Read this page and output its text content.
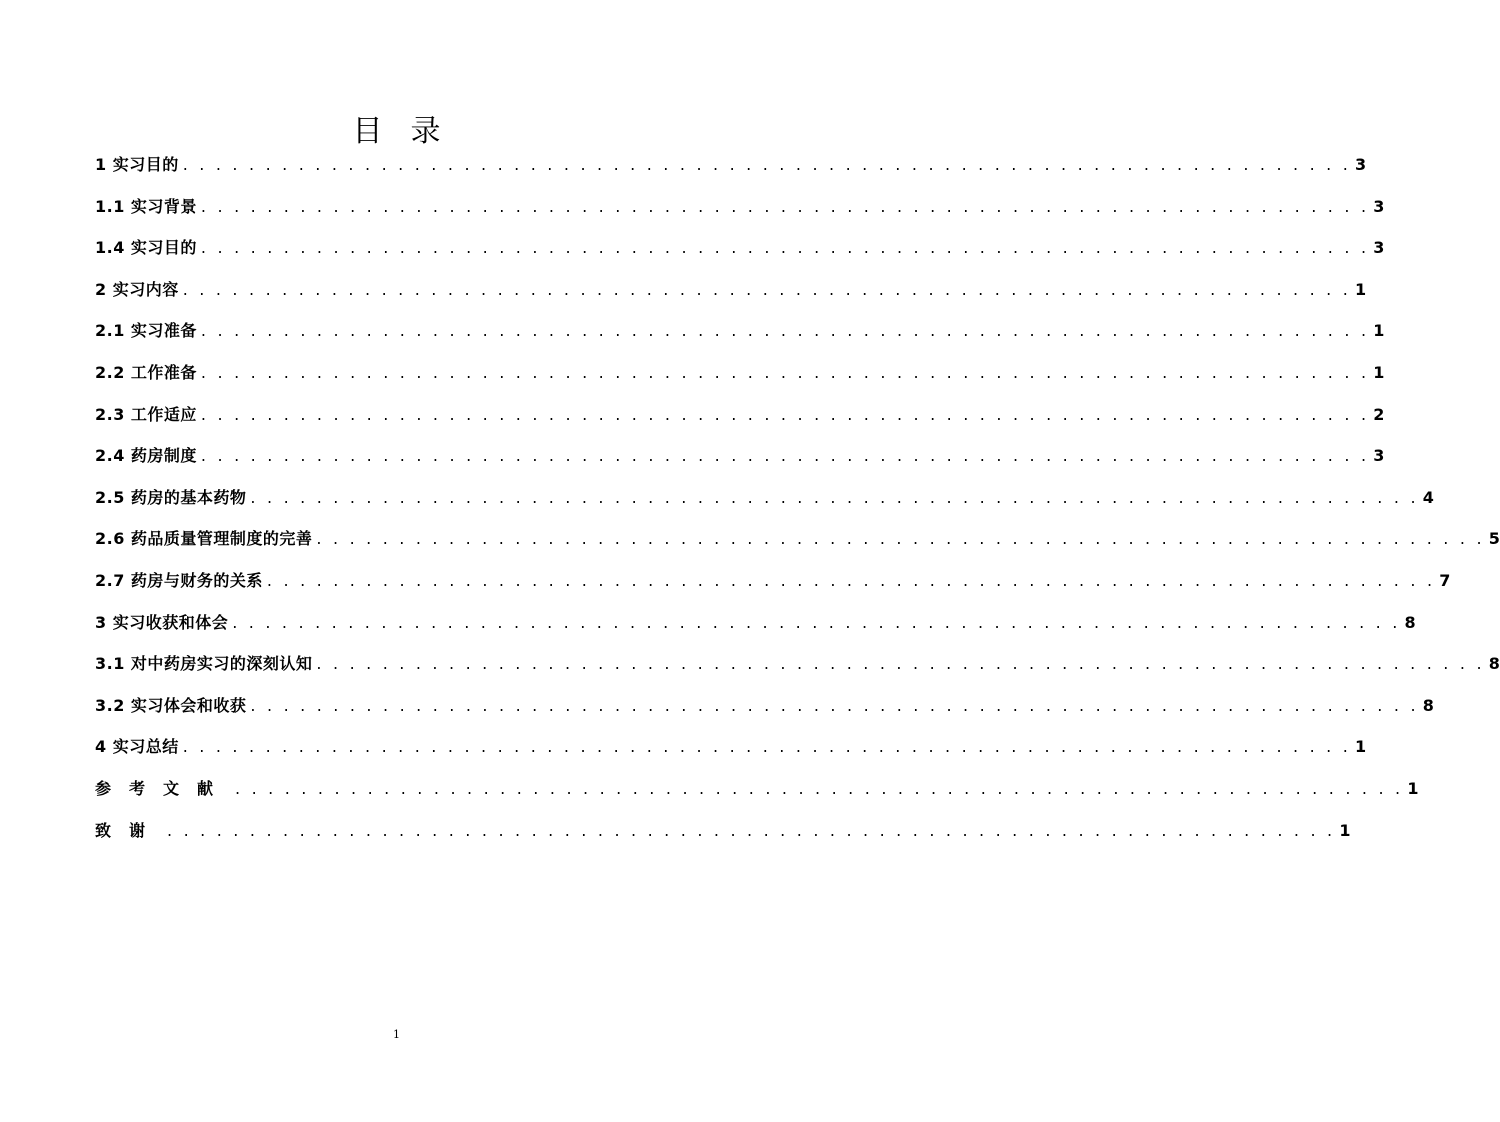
目录
1 实习目的 . . . . . . . . . . . . . . . . . . . . . . . . . . . . . . . . . . . . . . . . . . . . . . . . . . . . . . . . . . . . . . . . . . . . . . . 3
1.1 实习背景 . . . . . . . . . . . . . . . . . . . . . . . . . . . . . . . . . . . . . . . . . . . . . . . . . . . . . . . . . . . . . . . . . . . . . . . 3
1.4 实习目的 . . . . . . . . . . . . . . . . . . . . . . . . . . . . . . . . . . . . . . . . . . . . . . . . . . . . . . . . . . . . . . . . . . . . . . . 3
2 实习内容 . . . . . . . . . . . . . . . . . . . . . . . . . . . . . . . . . . . . . . . . . . . . . . . . . . . . . . . . . . . . . . . . . . . . . . . 1
2.1 实习准备 . . . . . . . . . . . . . . . . . . . . . . . . . . . . . . . . . . . . . . . . . . . . . . . . . . . . . . . . . . . . . . . . . . . . . . . 1
2.2 工作准备 . . . . . . . . . . . . . . . . . . . . . . . . . . . . . . . . . . . . . . . . . . . . . . . . . . . . . . . . . . . . . . . . . . . . . . . 1
2.3 工作适应 . . . . . . . . . . . . . . . . . . . . . . . . . . . . . . . . . . . . . . . . . . . . . . . . . . . . . . . . . . . . . . . . . . . . . . . 2
2.4 药房制度 . . . . . . . . . . . . . . . . . . . . . . . . . . . . . . . . . . . . . . . . . . . . . . . . . . . . . . . . . . . . . . . . . . . . . . . 3
2.5 药房的基本药物 . . . . . . . . . . . . . . . . . . . . . . . . . . . . . . . . . . . . . . . . . . . . . . . . . . . . . . . . . . . . . . . . . . . . . . . 4
2.6 药品质量管理制度的完善 . . . . . . . . . . . . . . . . . . . . . . . . . . . . . . . . . . . . . . . . . . . . . . . . . . . . . . . . . . . . . . . . . . . . . . . 5
2.7 药房与财务的关系 . . . . . . . . . . . . . . . . . . . . . . . . . . . . . . . . . . . . . . . . . . . . . . . . . . . . . . . . . . . . . . . . . . . . . . . 7
3 实习收获和体会 . . . . . . . . . . . . . . . . . . . . . . . . . . . . . . . . . . . . . . . . . . . . . . . . . . . . . . . . . . . . . . . . . . . . . . . 8
3.1 对中药房实习的深刻认知 . . . . . . . . . . . . . . . . . . . . . . . . . . . . . . . . . . . . . . . . . . . . . . . . . . . . . . . . . . . . . . . . . . . . . . . 8
3.2 实习体会和收获 . . . . . . . . . . . . . . . . . . . . . . . . . . . . . . . . . . . . . . . . . . . . . . . . . . . . . . . . . . . . . . . . . . . . . . . 8
4 实习总结 . . . . . . . . . . . . . . . . . . . . . . . . . . . . . . . . . . . . . . . . . . . . . . . . . . . . . . . . . . . . . . . . . . . . . . . 1
参考文献 . . . . . . . . . . . . . . . . . . . . . . . . . . . . . . . . . . . . . . . . . . . . . . . . . . . . . . . . . . . . . . . . . . . . . . . 1
致谢 . . . . . . . . . . . . . . . . . . . . . . . . . . . . . . . . . . . . . . . . . . . . . . . . . . . . . . . . . . . . . . . . . . . . . . . 1
1
